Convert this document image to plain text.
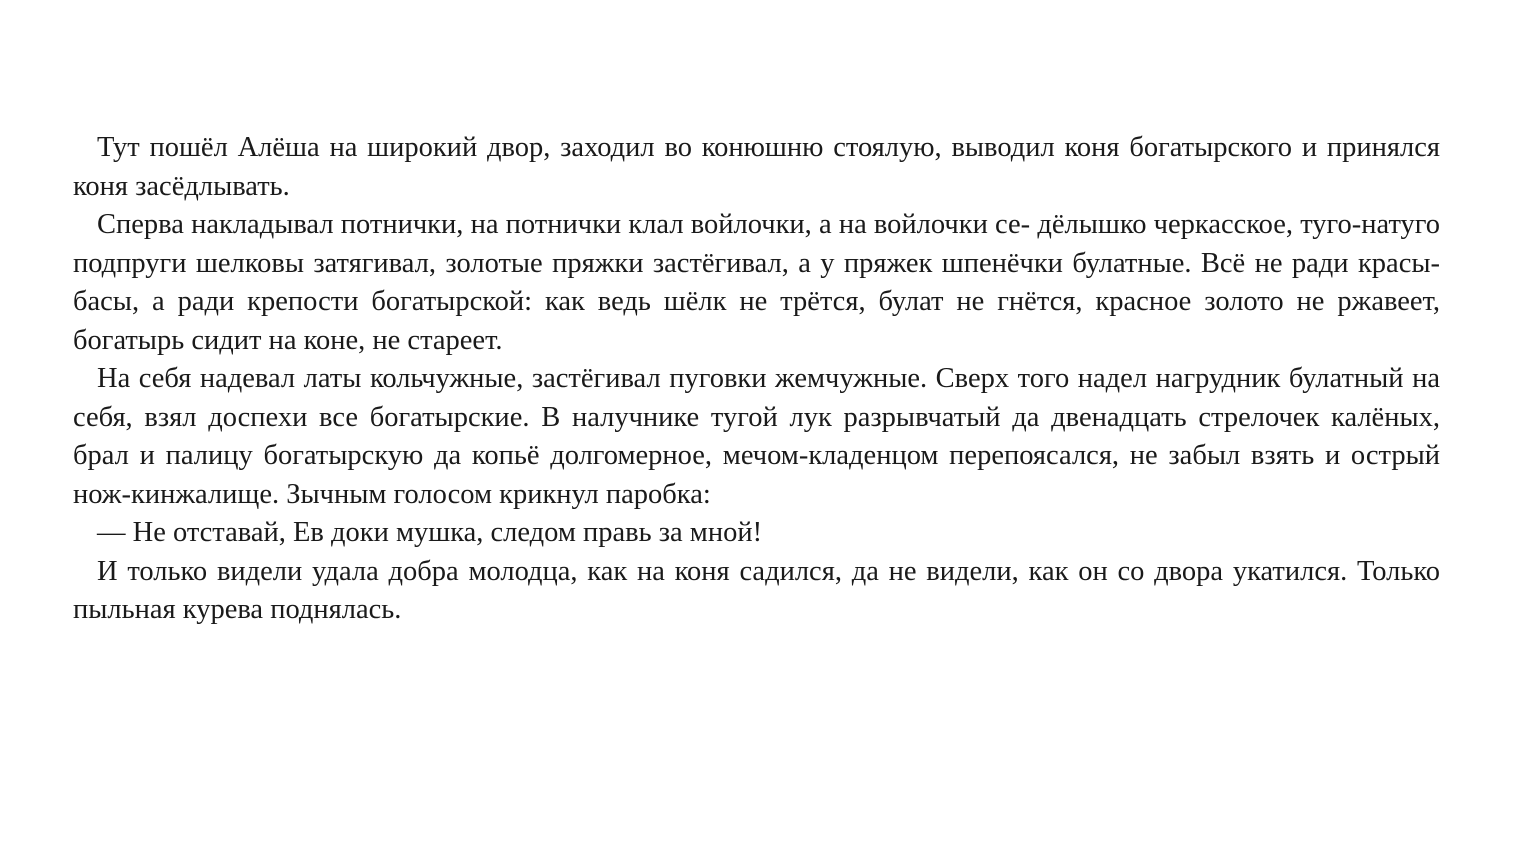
Тут пошёл Алёша на широкий двор, заходил во конюшню стоялую, выводил коня богатырского и принялся коня засёдлывать.

Сперва накладывал потнички, на потнички клал войлочки, а на войлочки се- дёлышко черкасское, туго-натуго подпруги шелковы затягивал, золотые пряжки застёгивал, а у пряжек шпенёчки булатные. Всё не ради красы-басы, а ради крепости богатырской: как ведь шёлк не трётся, булат не гнётся, красное золото не ржавеет, богатырь сидит на коне, не стареет.

На себя надевал латы кольчужные, застёгивал пуговки жемчужные. Сверх того надел нагрудник булатный на себя, взял доспехи все богатырские. В налучнике тугой лук разрывчатый да двенадцать стрелочек калёных, брал и палицу богатырскую да копьё долгомерное, мечом-кладенцом перепоясался, не забыл взять и острый нож-кинжалище. Зычным голосом крикнул паробка:

— Не отставай, Ев доки мушка, следом правь за мной!

И только видели удала добра молодца, как на коня садился, да не видели, как он со двора укатился. Только пыльная курева поднялась.
